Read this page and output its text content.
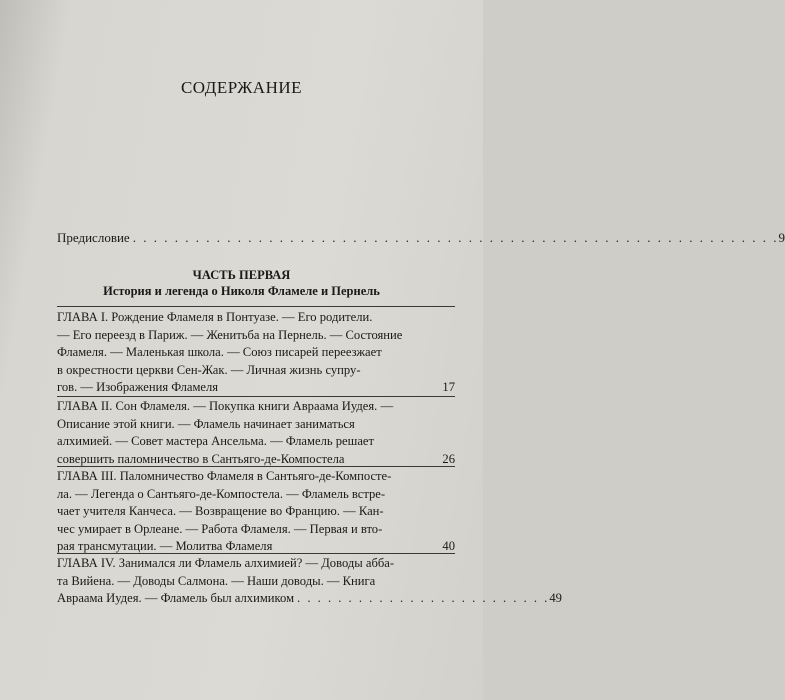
СОДЕРЖАНИЕ
Предисловие . . . . . . . . . . . . . . . . . . . . . . . . . . . . . . . . . . . . . . . . . . . . . . . . . . . . . . . . . . . . . . 9
ЧАСТЬ ПЕРВАЯ
История и легенда о Николя Фламеле и Пернель
ГЛАВА I. Рождение Фламеля в Понтуазе. — Его родители.
— Его переезд в Париж. — Женитьба на Пернель. — Состояние
Фламеля. — Маленькая школа. — Союз писарей переезжает
в окрестности церкви Сен-Жак. — Личная жизнь супру-
гов. — Изображения Фламеля	17
ГЛАВА II. Сон Фламеля. — Покупка книги Авраама Иудея. —
Описание этой книги. — Фламель начинает заниматься
алхимией. — Совет мастера Ансельма. — Фламель решает
совершить паломничество в Сантьяго-де-Компостела	26
ГЛАВА III. Паломничество Фламеля в Сантьяго-де-Компосте-
ла. — Легенда о Сантьяго-де-Компостела. — Фламель встре-
чает учителя Канчеса. — Возвращение во Францию. — Кан-
чес умирает в Орлеане. — Работа Фламеля. — Первая и вто-
рая трансмутации. — Молитва Фламеля	40
ГЛАВА IV. Занимался ли Фламель алхимией? — Доводы абба-
та Вийена. — Доводы Салмона. — Наши доводы. — Книга
Авраама Иудея. — Фламель был алхимиком . . . . . . . . . . . . . . . . . . . . . . . . . 49
